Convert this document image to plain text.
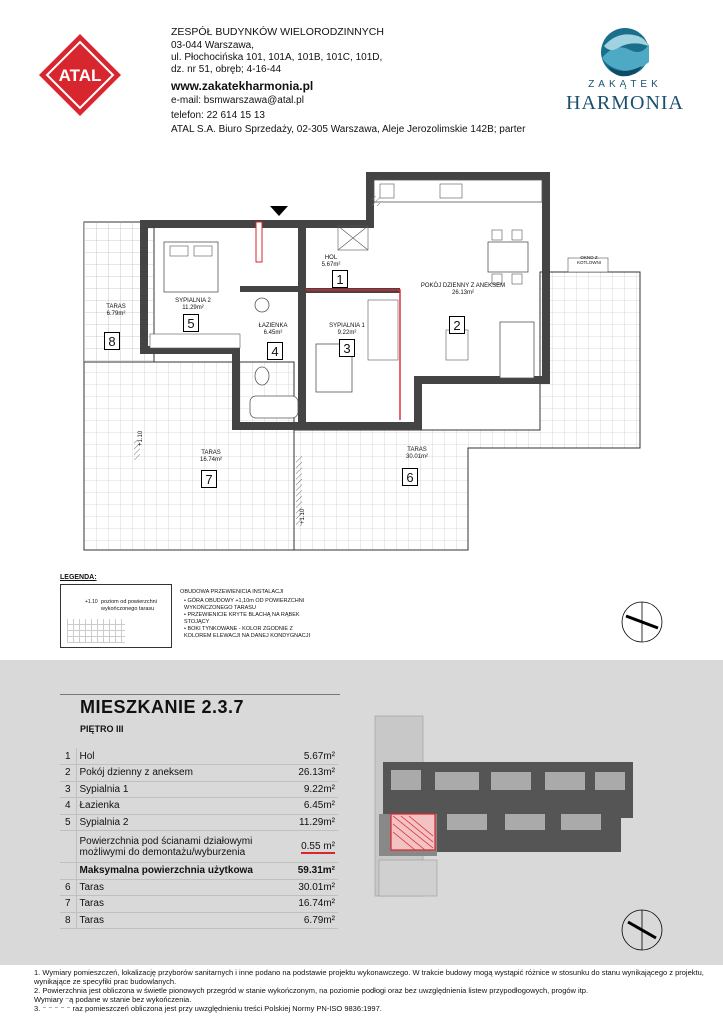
ATAL
ZESPÓŁ BUDYNKÓW WIELORODZINNYCH
03-044 Warszawa,
ul. Płochocińska 101, 101A, 101B, 101C, 101D,
dz. nr 51, obręb; 4-16-44
www.zakatekharmonia.pl
e-mail: bsmwarszawa@atal.pl
telefon: 22 614 15 13
ATAL S.A. Biuro Sprzedaży, 02-305 Warszawa, Aleje Jerozolimskie 142B; parter
ZAKĄTEK
HARMONIA
HOL
5.67m²
1	POKÓJ DZIENNY Z ANEKSEM
26.13m²
2
SYPIALNIA 1
9.22m²
3
ŁAZIENKA
6.45m²
4
SYPIALNIA 2
11.29m²
5
TARAS
30.01m²
6
TARAS
16.74m²
7
TARAS
6.79m²
8
OKNO Z KOTLOWNI
+1.10
+1.10
LEGENDA:
+1.10 poziom od powierzchni
wykończonego tarasu
OBUDOWA PRZEWIENICIA INSTALACJI
• GÓRA OBUDOWY +1,10m OD POWIERZCHNI WYKOŃCZONEGO TARASU
• PRZEWIENICIE KRYTE BLACHĄ NA RĄBEK STOJĄCY
• BOKI TYNKOWANE - KOLOR ZGODNIE Z KOLOREM ELEWACJI NA DANEJ KONDYGNACJI
MIESZKANIE 2.3.7
PIĘTRO III
1	Hol	5.67m²
2	Pokój dzienny z aneksem	26.13m²
3	Sypialnia 1	9.22m²
4	Łazienka	6.45m²
5	Sypialnia 2	11.29m²
	Powierzchnia pod ścianami działowymi
możliwymi do demontażu/wyburzenia	0.55 m²
	Maksymalna powierzchnia użytkowa	59.31m²
6	Taras	30.01m²
7	Taras	16.74m²
8	Taras	6.79m²
1. Wymiary pomieszczeń, lokalizację przyborów sanitarnych i inne podano na podstawie projektu wykonawczego. W trakcie budowy mogą wystąpić różnice w stosunku do stanu wynikającego z projektu,
wynikające ze specyfiki prac budowlanych.
2. Powierzchnia jest obliczona w świetle pionowych przegród w stanie wykończonym, na poziomie podłogi oraz bez uwzględnienia listew przypodłogowych, progów itp.
Wymiary ⁻ą podane w stanie bez wykończenia.
3. ⁻ ⁻ ⁻ ⁻ ⁻ raz pomieszczeń obliczona jest przy uwzględnieniu treści Polskiej Normy PN-ISO 9836:1997.
